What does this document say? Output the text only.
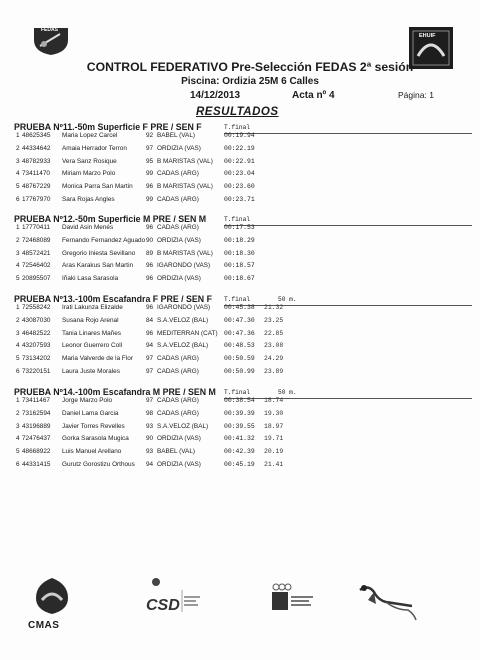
FEDAS
EHUIF
CONTROL FEDERATIVO Pre-Selección FEDAS 2ª sesión
Piscina: Ordizia 25M 6 Calles
14/12/2013	Acta nº 4	Página: 1
RESULTADOS
PRUEBA Nº11.-50m Superficie F PRE / SEN F	T.final
1 48625345 Maria Lopez Carcel	92 BABEL (VAL)	00:19.94
2 44334642 Amaia Herrador Terron	97 ORDIZIA (VAS)	00:22.19
3 48782933 Vera Sanz Rosique	95 B MARISTAS (VAL) 00:22.91
4 73411470 Miriam Marzo Polo	99 CADAS (ARG)	00:23.04
5 48767229 Monica Parra San Martin 96 B MARISTAS (VAL) 00:23.60
6 17767970 Sara Rojas Angles	99 CADAS (ARG)	00:23.71
PRUEBA Nº12.-50m Superficie M PRE / SEN M	T.final
1 17770411 David Asin Menés	96 CADAS (ARG)	00:17.53
2 72468089 Fernando Fernandez Aguado 90 ORDIZIA (VAS)	00:18.29
3 48572421 Gregorio Iniesta Sevillano 89 B MARISTAS (VAL) 00:18.30
4 72546402 Aras Karakus San Martin 96 IGARONDO (VAS) 00:18.57
5 20895507 Iñaki Lasa Sarasola	96 ORDIZIA (VAS)	00:18.67
PRUEBA Nº13.-100m Escafandra F PRE / SEN F T.final	50 m.
1 72558242 Irati Lakunza Elizalde	96 IGARONDO (VAS) 00:45.38 21.32
2 43087030 Susana Rojo Arenal	84 S.A.VELOZ (BAL) 00:47.30 23.25
3 46482522 Tania Linares Mañes	96 MEDITERRAN (CAT) 00:47.36 22.85
4 43207593 Leonor Guerrero Coll	94 S.A.VELOZ (BAL) 00:48.53 23.08
5 73134202 Maria Valverde de la Flor 97 CADAS (ARG)	00:50.59 24.29
6 73220151 Laura Juste Morales	97 CADAS (ARG)	00:50.99 23.89
PRUEBA Nº14.-100m Escafandra M PRE / SEN M T.final	50 m.
1 73411467 Jorge Marzo Polo	97 CADAS (ARG)	00:38.54 18.74
2 73162594 Daniel Lama Garcia	98 CADAS (ARG)	00:39.39 19.30
3 43196889 Javier Torres Revelles	93 S.A.VELOZ (BAL) 00:39.55 18.97
4 72476437 Gorka Sarasola Mugica	90 ORDIZIA (VAS)	00:41.32 19.71
5 48668922 Luis Manuel Arellano	93 BABEL (VAL)	00:42.39 20.19
6 44331415 Gurutz Gorostizu Orthous 94 ORDIZIA (VAS)	00:45.19 21.41
CMAS
CSD
